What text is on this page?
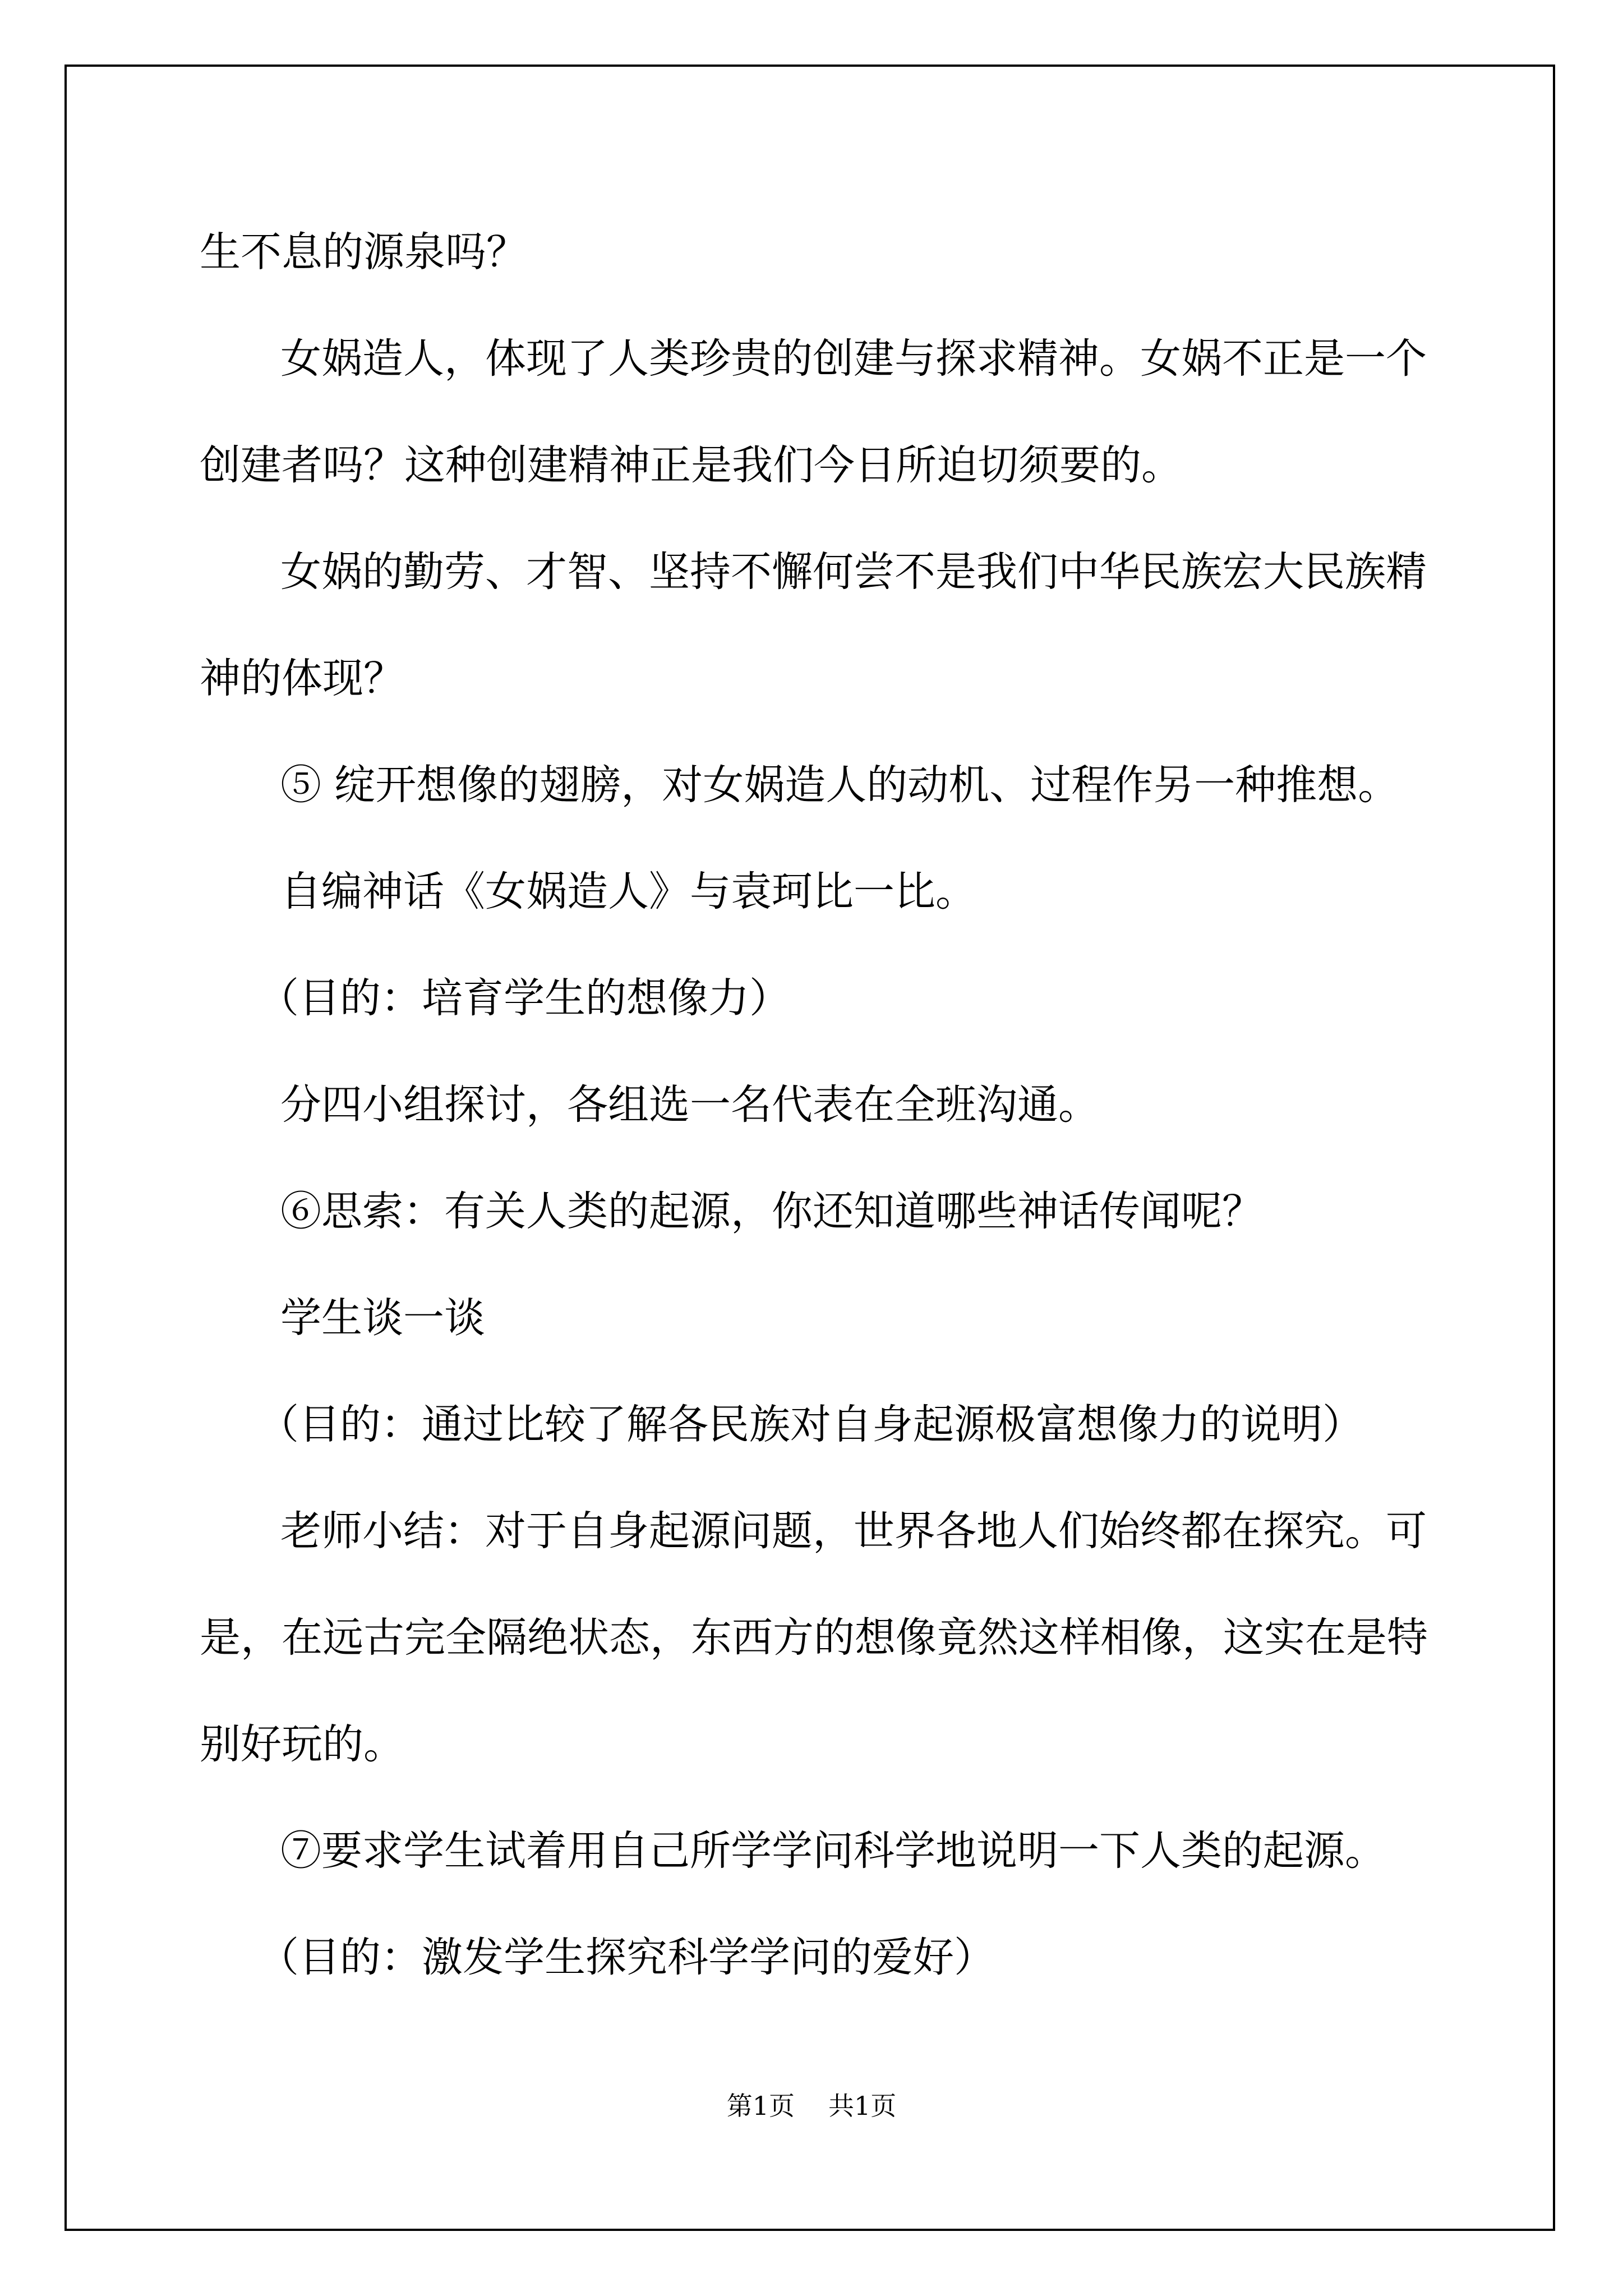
生不息的源泉吗？
女娲造人，体现了人类珍贵的创建与探求精神。女娲不正是一个
创建者吗？这种创建精神正是我们今日所迫切须要的。
女娲的勤劳、才智、坚持不懈何尝不是我们中华民族宏大民族精
神的体现？
⑤ 绽开想像的翅膀，对女娲造人的动机、过程作另一种推想。
自编神话《女娲造人》与袁珂比一比。
（目的：培育学生的想像力）
分四小组探讨，各组选一名代表在全班沟通。
⑥思索：有关人类的起源，你还知道哪些神话传闻呢？
学生谈一谈
（目的：通过比较了解各民族对自身起源极富想像力的说明）
老师小结：对于自身起源问题，世界各地人们始终都在探究。可
是，在远古完全隔绝状态，东西方的想像竟然这样相像，这实在是特
别好玩的。
⑦要求学生试着用自己所学学问科学地说明一下人类的起源。
（目的：激发学生探究科学学问的爱好）
第1页 共1页
